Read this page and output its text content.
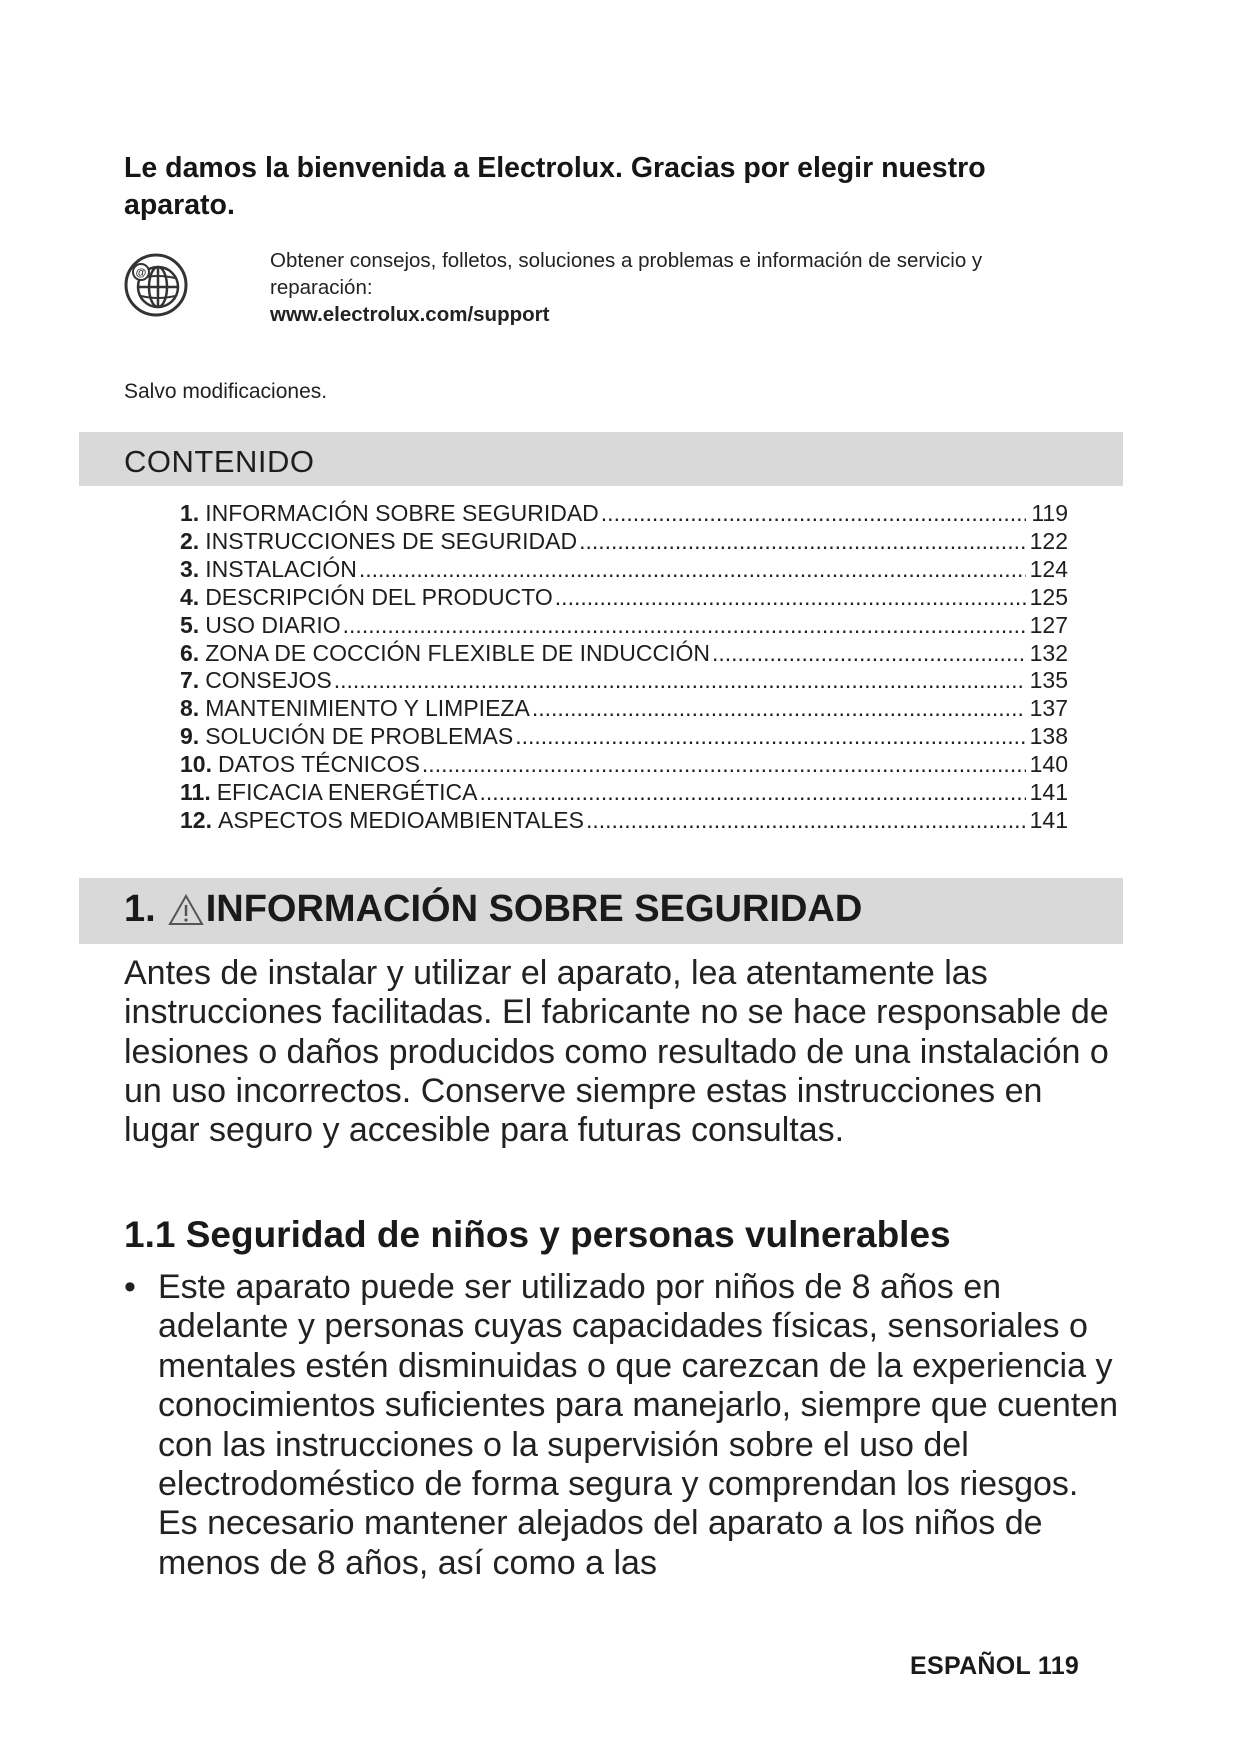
Le damos la bienvenida a Electrolux. Gracias por elegir nuestro
aparato.
@
Obtener consejos, folletos, soluciones a problemas e información de servicio y
reparación:
www.electrolux.com/support
Salvo modificaciones.
CONTENIDO
1. INFORMACIÓN SOBRE SEGURIDAD .....	119
2. INSTRUCCIONES DE SEGURIDAD .....	122
3. INSTALACIÓN .....	124
4. DESCRIPCIÓN DEL PRODUCTO .....	125
5. USO DIARIO .....	127
6. ZONA DE COCCIÓN FLEXIBLE DE INDUCCIÓN .....	132
7. CONSEJOS .....	135
8. MANTENIMIENTO Y LIMPIEZA .....	137
9. SOLUCIÓN DE PROBLEMAS .....	138
10. DATOS TÉCNICOS .....	140
11. EFICACIA ENERGÉTICA .....	141
12. ASPECTOS MEDIOAMBIENTALES .....	141
1. INFORMACIÓN SOBRE SEGURIDAD
Antes de instalar y utilizar el aparato, lea atentamente las instrucciones facilitadas. El fabricante no se hace responsable de lesiones o daños producidos como resultado de una instalación o un uso incorrectos. Conserve siempre estas instrucciones en lugar seguro y accesible para futuras consultas.
1.1 Seguridad de niños y personas vulnerables
• Este aparato puede ser utilizado por niños de 8 años en adelante y personas cuyas capacidades físicas, sensoriales o mentales estén disminuidas o que carezcan de la experiencia y conocimientos suficientes para manejarlo, siempre que cuenten con las instrucciones o la supervisión sobre el uso del electrodoméstico de forma segura y comprendan los riesgos. Es necesario mantener alejados del aparato a los niños de menos de 8 años, así como a las
ESPAÑOL 119
